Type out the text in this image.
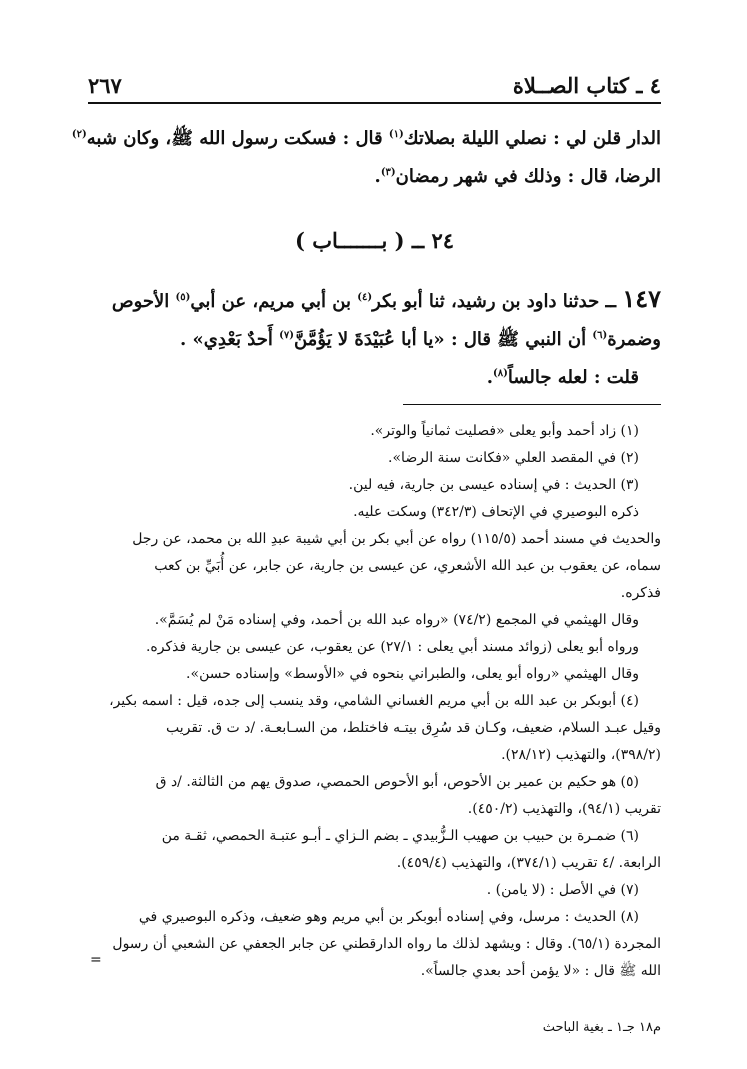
٤ ـ كتاب الصــلاة
٢٦٧
الدار قلن لي : نصلي الليلة بصلاتك$^{(١)}$ قال : فسكت رسول الله ﷺ، وكان شبه$^{(٢)}$
الرضا، قال : وذلك في شهر رمضان$^{(٣)}$.
٢٤ ــ ( بـــــــاب )
١٤٧ ــ حدثنا داود بن رشيد، ثنا أبو بكر$^{(٤)}$ بن أبي مريم، عن أبي$^{(٥)}$ الأحوص
وضمرة$^{(٦)}$ أن النبي ﷺ قال : «يا أبا عُبَيْدَةَ لا يَؤُمَّنَّ$^{(٧)}$ أَحدٌ بَعْدِي» .
قلت : لعله جالساً$^{(٨)}$.
(١) زاد أحمد وأبو يعلى «فصليت ثمانياً والوتر».
(٢) في المقصد العلي «فكانت سنة الرضا».
(٣) الحديث : في إسناده عيسى بن جارية، فيه لين.
ذكره البوصيري في الإتحاف (٣٤٢/٣) وسكت عليه.
والحديث في مسند أحمد (١١٥/٥) رواه عن أبي بكر بن أبي شيبة عبدِ الله بن محمد، عن رجل
سماه، عن يعقوب بن عبد الله الأشعري، عن عيسى بن جارية، عن جابر، عن أُبَيِّ بن كعب
فذكره.
وقال الهيثمي في المجمع (٧٤/٢) «رواه عبد الله بن أحمد، وفي إسناده مَنْ لم يُسَمَّ».
ورواه أبو يعلى (زوائد مسند أبي يعلى : ٢٧/١) عن يعقوب، عن عيسى بن جارية فذكره.
وقال الهيثمي «رواه أبو يعلى، والطبراني بنحوه في «الأوسط» وإسناده حسن».
(٤) أبوبكر بن عبد الله بن أبي مريم الغساني الشامي، وقد ينسب إلى جده، قيل : اسمه بكير،
وقيل عبـد السلام، ضعيف، وكـان قد سُرِق بيتـه فاختلط، من السـابعـة. /د ت ق. تقريب
(٣٩٨/٢)، والتهذيب (٢٨/١٢).
(٥) هو حكيم بن عمير بن الأحوص، أبو الأحوص الحمصي، صدوق يهم من الثالثة. /د ق
تقريب (٩٤/١)، والتهذيب (٤٥٠/٢).
(٦) ضمـرة بن حبيب بن صهيب الـزُّبيدي ـ بضم الـزاي ـ أبـو عتبـة الحمصي، ثقـة من
الرابعة. /٤ تقريب (٣٧٤/١)، والتهذيب (٤٥٩/٤).
(٧) في الأصل : (لا يامن) .
(٨) الحديث : مرسل، وفي إسناده أبوبكر بن أبي مريم وهو ضعيف، وذكره البوصيري في
المجردة (٦٥/١). وقال : ويشهد لذلك ما رواه الدارقطني عن جابر الجعفي عن الشعبي أن رسول
الله ﷺ قال : «لا يؤمن أحد بعدي جالساً».
=
م١٨ جـ١ ـ بغية الباحث
